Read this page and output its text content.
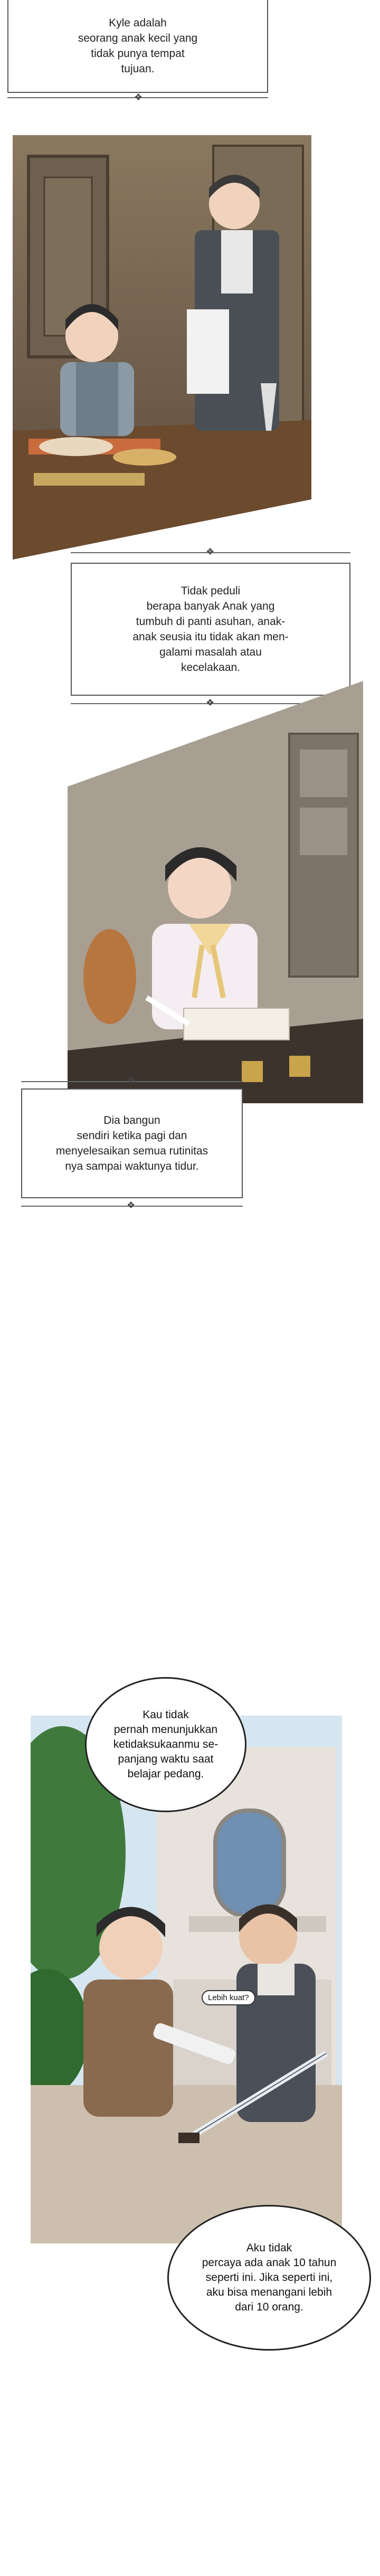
Kyle adalah
seorang anak kecil yang
tidak punya tempat
tujuan.
❖
❖
Tidak peduli
berapa banyak Anak yang
tumbuh di panti asuhan, anak-
anak seusia itu tidak akan men-
galami masalah atau
kecelakaan.
❖
❖
Dia bangun
sendiri ketika pagi dan
menyelesaikan semua rutinitas
nya sampai waktunya tidur.
❖
Kau tidak
pernah menunjukkan
ketidaksukaanmu se-
panjang waktu saat
belajar pedang.
Lebih kuat?
Aku tidak
percaya ada anak 10 tahun
seperti ini. Jika seperti ini,
aku bisa menangani lebih
dari 10 orang.
